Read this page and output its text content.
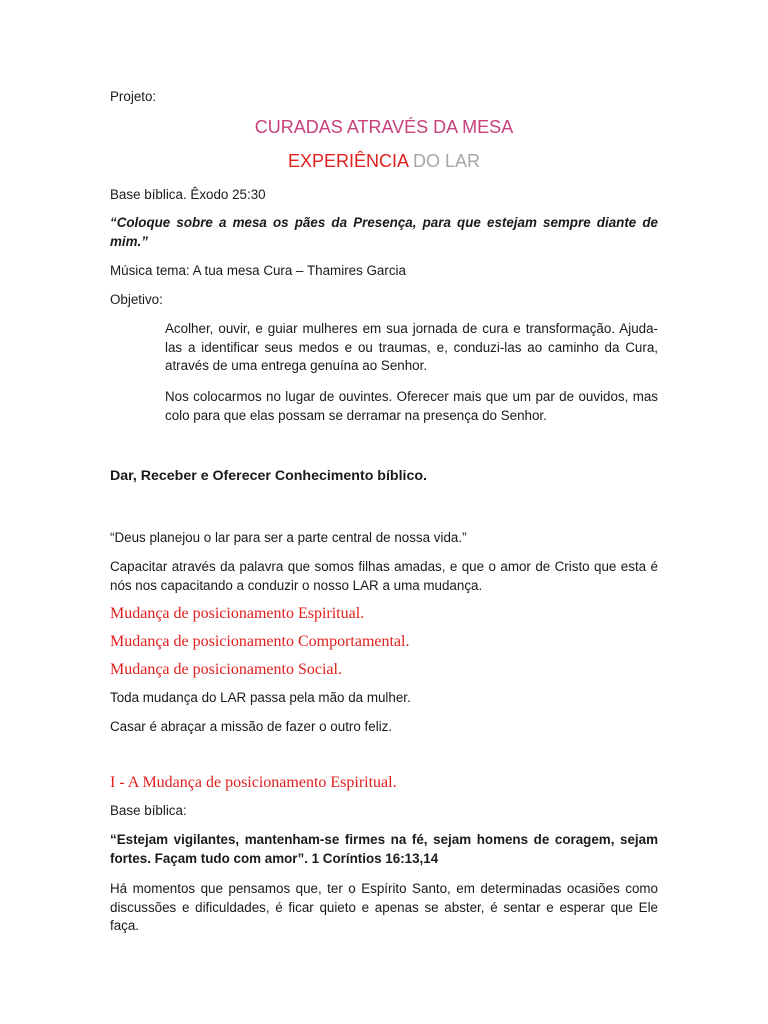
Projeto:

CURADAS ATRAVÉS DA MESA

EXPERIÊNCIA DO LAR

Base bíblica. Êxodo 25:30

“Coloque sobre a mesa os pães da Presença, para que estejam sempre diante de mim.”

Música tema: A tua mesa Cura – Thamires Garcia

Objetivo:

Acolher, ouvir, e guiar mulheres em sua jornada de cura e transformação. Ajuda-las a identificar seus medos e ou traumas, e, conduzi-las ao caminho da Cura, através de uma entrega genuína ao Senhor.

Nos colocarmos no lugar de ouvintes. Oferecer mais que um par de ouvidos, mas colo para que elas possam se derramar na presença do Senhor.

Dar, Receber e Oferecer Conhecimento bíblico.

“Deus planejou o lar para ser a parte central de nossa vida.”

Capacitar através da palavra que somos filhas amadas, e que o amor de Cristo que esta é nós nos capacitando a conduzir o nosso LAR a uma mudança.

Mudança de posicionamento Espiritual.

Mudança de posicionamento Comportamental.

Mudança de posicionamento Social.

Toda mudança do LAR passa pela mão da mulher.

Casar é abraçar a missão de fazer o outro feliz.

I - A Mudança de posicionamento Espiritual.

Base bíblica:

“Estejam vigilantes, mantenham-se firmes na fé, sejam homens de coragem, sejam fortes. Façam tudo com amor”. 1 Coríntios 16:13,14

Há momentos que pensamos que, ter o Espírito Santo, em determinadas ocasiões como discussões e dificuldades, é ficar quieto e apenas se abster, é sentar e esperar que Ele faça.
